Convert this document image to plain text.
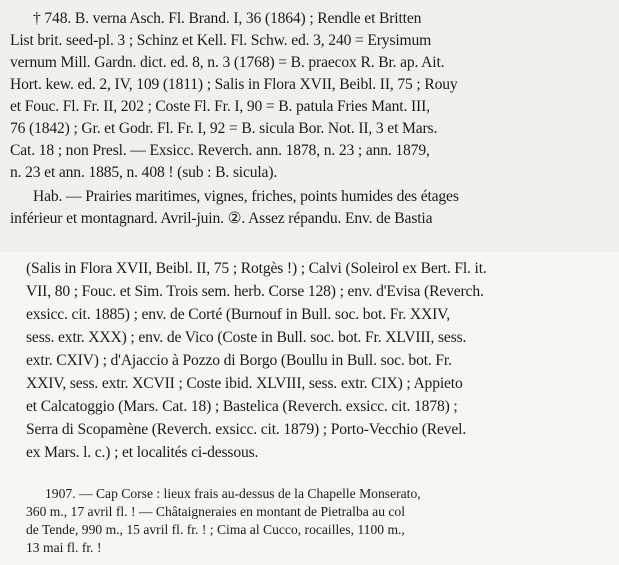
† 748. B. verna Asch. Fl. Brand. I, 36 (1864) ; Rendle et Britten
List brit. seed-pl. 3 ; Schinz et Kell. Fl. Schw. ed. 3, 240 = Erysimum
vernum Mill. Gardn. dict. ed. 8, n. 3 (1768) = B. praecox R. Br. ap. Ait.
Hort. kew. ed. 2, IV, 109 (1811) ; Salis in Flora XVII, Beibl. II, 75 ; Rouy
et Fouc. Fl. Fr. II, 202 ; Coste Fl. Fr. I, 90 = B. patula Fries Mant. III,
76 (1842) ; Gr. et Godr. Fl. Fr. I, 92 = B. sicula Bor. Not. II, 3 et Mars.
Cat. 18 ; non Presl. — Exsicc. Reverch. ann. 1878, n. 23 ; ann. 1879,
n. 23 et ann. 1885, n. 408 ! (sub : B. sicula).
Hab. — Prairies maritimes, vignes, friches, points humides des étages
inférieur et montagnard. Avril-juin. ②. Assez répandu. Env. de Bastia
(Salis in Flora XVII, Beibl. II, 75 ; Rotgès !) ; Calvi (Soleirol ex Bert. Fl. it.
VII, 80 ; Fouc. et Sim. Trois sem. herb. Corse 128) ; env. d'Evisa (Reverch.
exsicc. cit. 1885) ; env. de Corté (Burnouf in Bull. soc. bot. Fr. XXIV,
sess. extr. XXX) ; env. de Vico (Coste in Bull. soc. bot. Fr. XLVIII, sess.
extr. CXIV) ; d'Ajaccio à Pozzo di Borgo (Boullu in Bull. soc. bot. Fr.
XXIV, sess. extr. XCVII ; Coste ibid. XLVIII, sess. extr. CIX) ; Appieto
et Calcatoggio (Mars. Cat. 18) ; Bastelica (Reverch. exsicc. cit. 1878) ;
Serra di Scopamène (Reverch. exsicc. cit. 1879) ; Porto-Vecchio (Revel.
ex Mars. l. c.) ; et localités ci-dessous.
1907. — Cap Corse : lieux frais au-dessus de la Chapelle Monserato,
360 m., 17 avril fl. ! — Châtaigneraies en montant de Pietralba au col
de Tende, 990 m., 15 avril fl. fr. ! ; Cima al Cucco, rocailles, 1100 m.,
13 mai fl. fr. !
